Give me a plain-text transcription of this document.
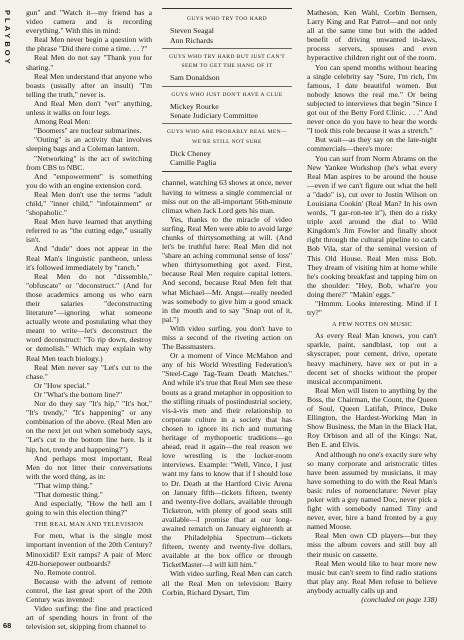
PLAYBOY
68

gun" and "Watch it—my friend has a video camera and is recording everything." With this in mind:

Real Men never begin a question with the phrase "Did there come a time. . . ?"

Real Men do not say "Thank you for sharing."

Real Men understand that anyone who boasts (usually after an insult) "I'm telling the truth," never is.

And Real Men don't "vet" anything, unless it walks on four legs.

Among Real Men:

"Boomers" are nuclear submarines.

"Outing" is an activity that involves sleeping bags and a Coleman lantern.

"Networking" is the act of switching from CBS to NBC.

And "empowerment" is something you do with an engine extension cord.

Real Men don't use the terms "adult child," "inner child," "infotainment" or "shopaholic."

Real Men have learned that anything referred to as "the cutting edge," usually isn't.

And "dude" does not appear in the Real Man's linguistic pantheon, unless it's followed immediately by "ranch."

Real Men do not "dissemble," "obfuscate" or "deconstruct." (And for those academics among us who earn their salaries "deconstructing literature"—ignoring what someone actually wrote and postulating what they meant to write—let's deconstruct the word deconstruct: "To rip down, destroy or demolish." Which may explain why Real Men teach biology.)

Real Men never say "Let's cut to the chase."

Or "How special."

Or "What's the bottom line?"

Nor do they say "It's hip," "It's hot," "It's trendy," "It's happening" or any combination of the above. (Real Men are on the next jet out when somebody says, "Let's cut to the bottom line here. Is it hip, hot, trendy and happening?")

And perhaps most important, Real Men do not litter their conversations with the word thing, as in:

"That wimp thing."

"That domestic thing."

And especially, "How the hell am I going to win this election thing?"

THE REAL MAN AND TELEVISION

For men, what is the single most important invention of the 20th Century? Minoxidil? Exit ramps? A pair of Merc 420-horsepower outboards?

No. Remote control.

Because with the advent of remote control, the last great sport of the 20th Century was invented:

Video surfing: the fine and practiced art of spending hours in front of the television set, skipping from channel to

GUYS WHO TRY TOO HARD
Steven Seagal
Ann Richards
GUYS WHO TRY HARD BUT JUST CAN'T SEEM TO GET THE HANG OF IT
Sam Donaldson
GUYS WHO JUST DON'T HAVE A CLUE
Mickey Rourke
Senate Judiciary Committee
GUYS WHO ARE PROBABLY REAL MEN—WE'RE STILL NOT SURE
Dick Cheney
Camille Paglia

channel, watching 63 shows at once, never having to witness a single commercial or miss out on the all-important 56th-minute climax when Jack Lord gets his man.

Yes, thanks to the miracle of video surfing, Real Men were able to avoid large chunks of thirtysomething at will. (And let's be truthful here: Real Men did not "share an aching communal sense of loss" when thirtysomething got axed. First, because Real Men require capital letters. And second, because Real Men felt that what Michael—Mr. Angst—really needed was somebody to give him a good smack in the mouth and to say "Snap out of it, pal.")

With video surfing, you don't have to miss a second of the riveting action on The Bassmasters.

Or a moment of Vince McMahon and any of his World Wrestling Federation's "Steel-Cage Tag-Team Death Matches." And while it's true that Real Men see these bouts as a grand metaphor in opposition to the stifling rituals of postindustrial society, vis-à-vis men and their relationship to corporate culture in a society that has chosen to ignore its rich and nurturing heritage of mythopoetic traditions—go ahead, read it again—the real reason we love wrestling is the locker-room interviews. Example: "Well, Vince, I just want my fans to know that if I should lose to Dr. Death at the Hartford Civic Arena on January fifth—tickets fifteen, twenty and twenty-five dollars, available through Ticketron, with plenty of good seats still available—I promise that at our long-awaited rematch on January eighteenth at the Philadelphia Spectrum—tickets fifteen, twenty and twenty-five dollars, available at the box office or through TicketMaster—I will kill him."

With video surfing, Real Men can catch all the Real Men on television: Barry Corbin, Richard Dysart, Tim

Matheson, Ken Wahl, Corbin Bernsen, Larry King and Rat Patrol—and not only all at the same time but with the added benefit of driving unwanted in-laws, process servers, spouses and even hyperactive children right out of the room.

You can spend months without hearing a single celebrity say "Sure, I'm rich, I'm famous, I date beautiful women. But nobody knows the real me." Or being subjected to interviews that begin "Since I got out of the Betty Ford Clinic. . . ." And never once do you have to hear the words "I took this role because it was a stretch."

But wait—as they say on the late-night commercials—there's more:

You can surf from Norm Abrams on the New Yankee Workshop (he's what every Real Man aspires to be around the house—even if we can't figure out what the hell a "dado" is), cut over to Justin Wilson on Louisiana Cookin' (Real Man? In his own words, "I gar-ron-tee it"), then do a risky triple axel around the dial to Wild Kingdom's Jim Fowler and finally shoot right through the cultural pipeline to catch Bob Vila, star of the seminal version of This Old House. Real Men miss Bob. They dream of visiting him at home while he's cooking breakfast and tapping him on the shoulder: "Hey, Bob, what're you doing there?" "Makin' eggs."

"Hmmm. Looks interesting. Mind if I try?"

A FEW NOTES ON MUSIC

As every Real Man knows, you can't sparkle, paint, sandblast, top out a skyscraper, pour cement, drive, operate heavy machinery, have sex or put in a decent set of shocks without the proper musical accompaniment.

Real Men will listen to anything by the Boss, the Chairman, the Count, the Queen of Soul, Queen Latifah, Prince, Duke Ellington, the Hardest-Working Man in Show Business, the Man in the Black Hat, Roy Orbison and all of the Kings: Nat, Ben E. and Elvis.

And although no one's exactly sure why so many corporate and aristocratic titles have been assumed by musicians, it may have something to do with the Real Man's basic rules of nomenclature: Never play poker with a guy named Doc, never pick a fight with somebody named Tiny and never, ever, hire a band fronted by a guy named Moose.

Real Men own CD players—but they miss the album covers and still buy all their music on cassette.

Real Men would like to hear more new music but can't seem to find radio stations that play any. Real Men refuse to believe anybody actually calls up and

(concluded on page 138)
